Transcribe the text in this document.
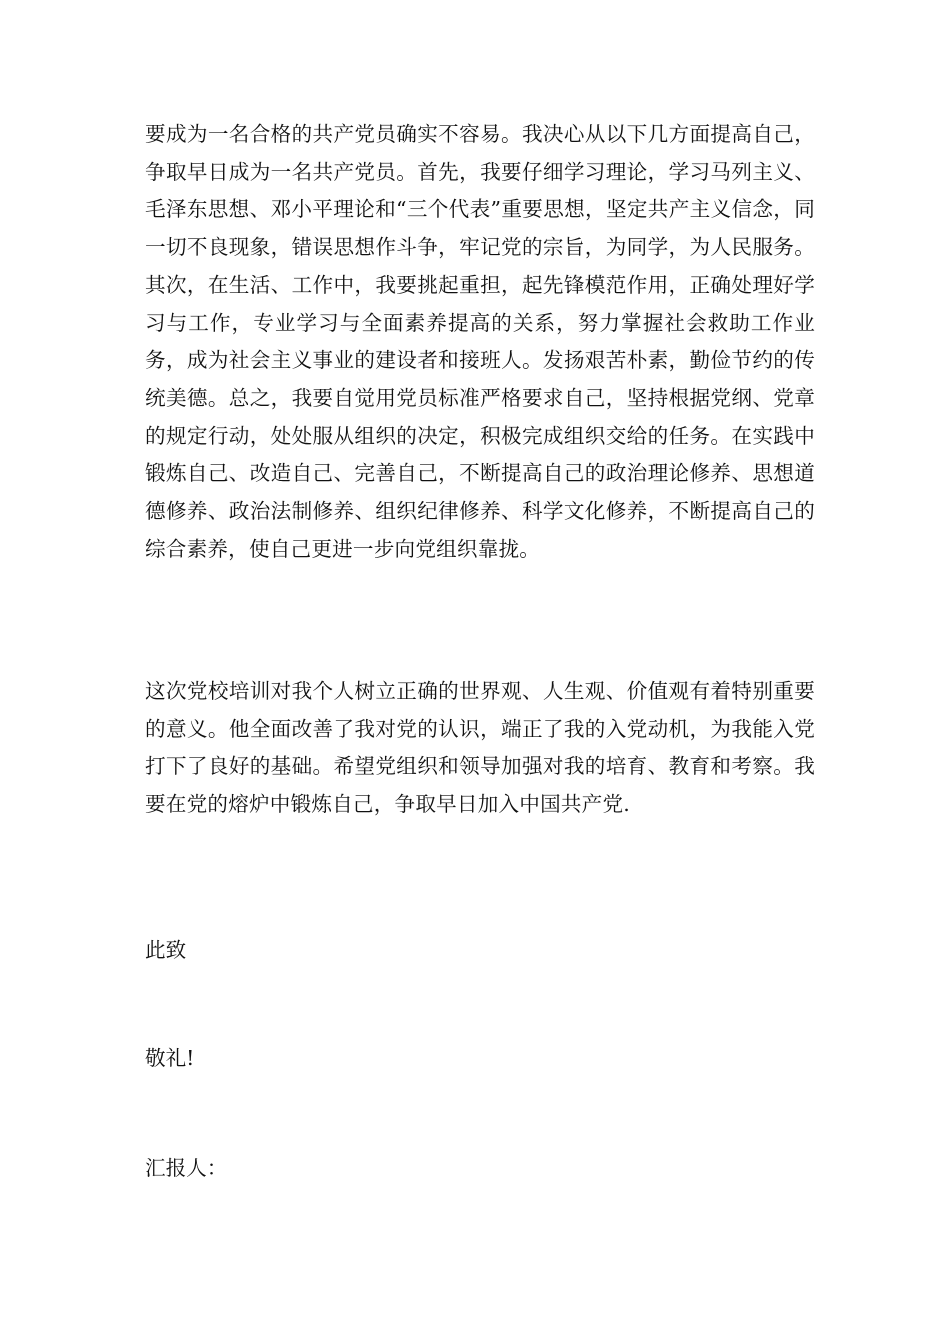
要成为一名合格的共产党员确实不容易。我决心从以下几方面提高自己，争取早日成为一名共产党员。首先，我要仔细学习理论，学习马列主义、毛泽东思想、邓小平理论和“三个代表”重要思想，坚定共产主义信念，同一切不良现象，错误思想作斗争，牢记党的宗旨，为同学，为人民服务。其次，在生活、工作中，我要挑起重担，起先锋模范作用，正确处理好学习与工作，专业学习与全面素养提高的关系，努力掌握社会救助工作业务，成为社会主义事业的建设者和接班人。发扬艰苦朴素，勤俭节约的传统美德。总之，我要自觉用党员标准严格要求自己，坚持根据党纲、党章的规定行动，处处服从组织的决定，积极完成组织交给的任务。在实践中锻炼自己、改造自己、完善自己，不断提高自己的政治理论修养、思想道德修养、政治法制修养、组织纪律修养、科学文化修养，不断提高自己的综合素养，使自己更进一步向党组织靠拢。

这次党校培训对我个人树立正确的世界观、人生观、价值观有着特别重要的意义。他全面改善了我对党的认识，端正了我的入党动机，为我能入党打下了良好的基础。希望党组织和领导加强对我的培育、教育和考察。我要在党的熔炉中锻炼自己，争取早日加入中国共产党.

此致

敬礼!

汇报人：
